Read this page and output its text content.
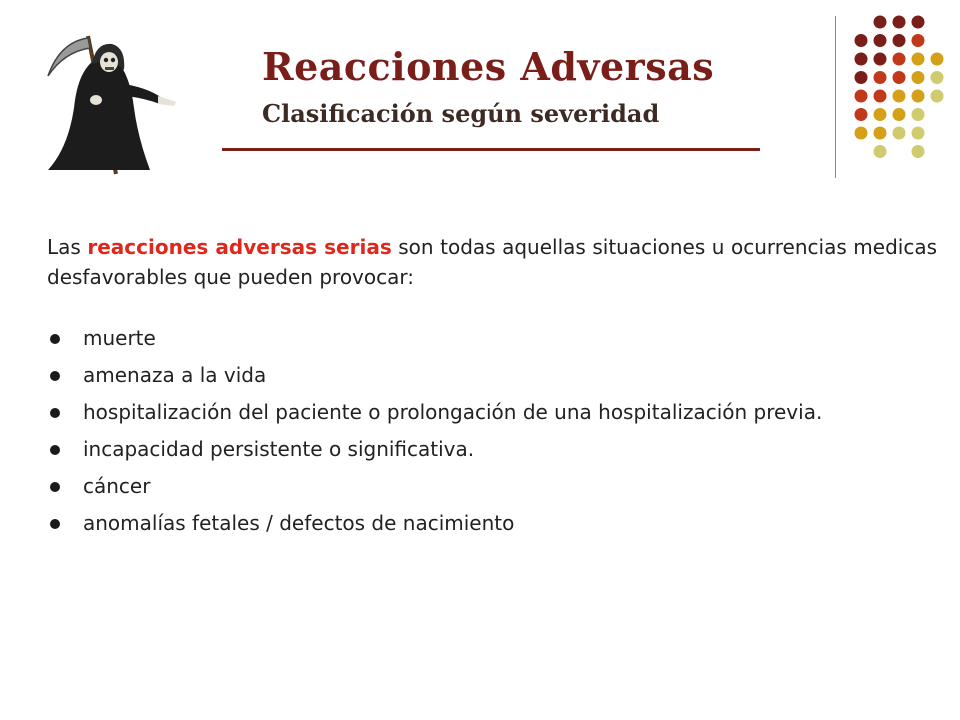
Reacciones Adversas
Clasificación según severidad

Las reacciones adversas serias son todas aquellas situaciones u ocurrencias medicas desfavorables que pueden provocar:

muerte
amenaza a la vida
hospitalización del paciente o prolongación de una hospitalización previa.
incapacidad persistente o significativa.
cáncer
anomalías fetales / defectos de nacimiento
